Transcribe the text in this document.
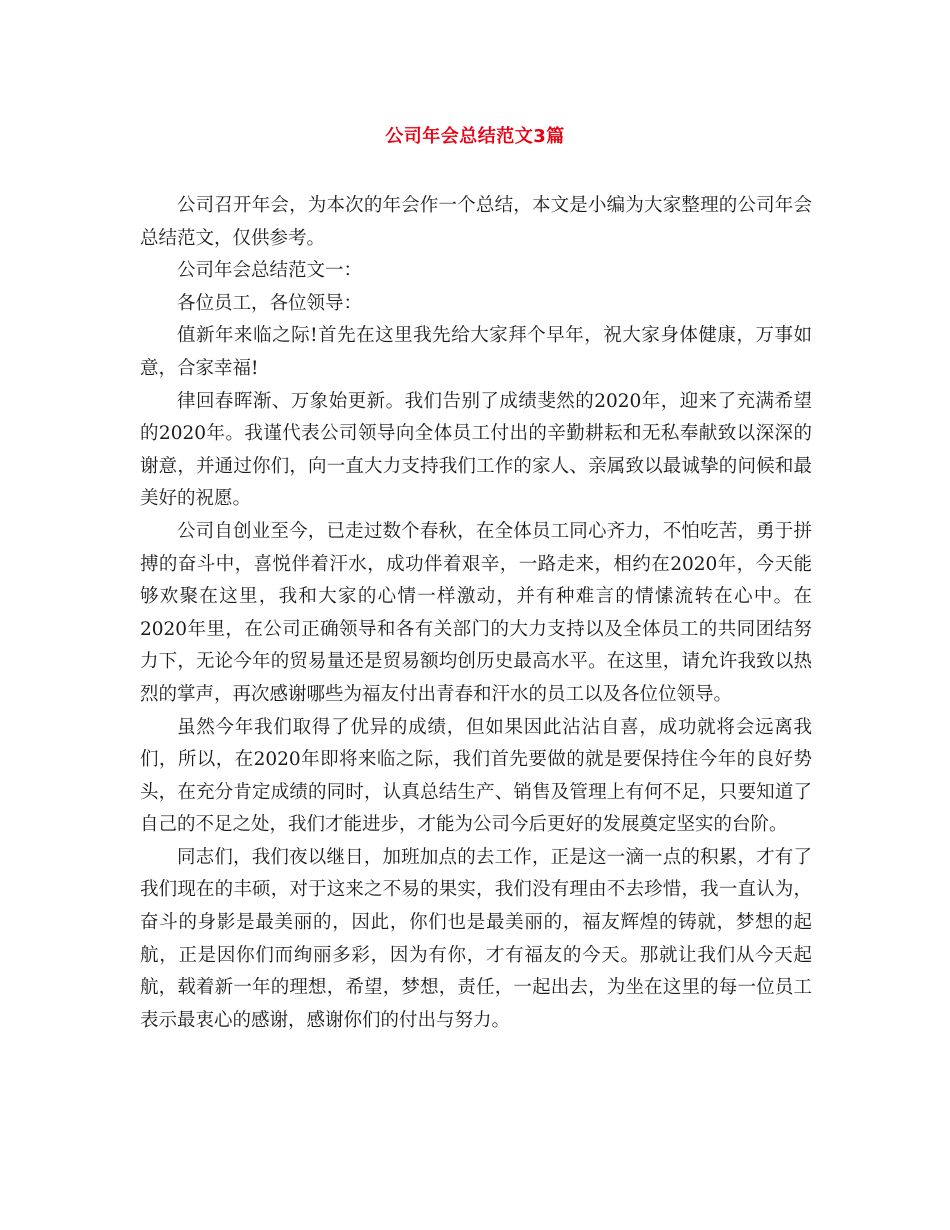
公司年会总结范文3篇

公司召开年会，为本次的年会作一个总结，本文是小编为大家整理的公司年会总结范文，仅供参考。

公司年会总结范文一：

各位员工，各位领导：

值新年来临之际!首先在这里我先给大家拜个早年，祝大家身体健康，万事如意，合家幸福!

律回春晖渐、万象始更新。我们告别了成绩斐然的2020年，迎来了充满希望的2020年。我谨代表公司领导向全体员工付出的辛勤耕耘和无私奉献致以深深的谢意，并通过你们，向一直大力支持我们工作的家人、亲属致以最诚挚的问候和最美好的祝愿。

公司自创业至今，已走过数个春秋，在全体员工同心齐力，不怕吃苦，勇于拼搏的奋斗中，喜悦伴着汗水，成功伴着艰辛，一路走来，相约在2020年，今天能够欢聚在这里，我和大家的心情一样激动，并有种难言的情愫流转在心中。在2020年里，在公司正确领导和各有关部门的大力支持以及全体员工的共同团结努力下，无论今年的贸易量还是贸易额均创历史最高水平。在这里，请允许我致以热烈的掌声，再次感谢哪些为福友付出青春和汗水的员工以及各位位领导。

虽然今年我们取得了优异的成绩，但如果因此沾沾自喜，成功就将会远离我们，所以，在2020年即将来临之际，我们首先要做的就是要保持住今年的良好势头，在充分肯定成绩的同时，认真总结生产、销售及管理上有何不足，只要知道了自己的不足之处，我们才能进步，才能为公司今后更好的发展奠定坚实的台阶。

同志们，我们夜以继日，加班加点的去工作，正是这一滴一点的积累，才有了我们现在的丰硕，对于这来之不易的果实，我们没有理由不去珍惜，我一直认为，奋斗的身影是最美丽的，因此，你们也是最美丽的，福友辉煌的铸就，梦想的起航，正是因你们而绚丽多彩，因为有你，才有福友的今天。那就让我们从今天起航，载着新一年的理想，希望，梦想，责任，一起出去，为坐在这里的每一位员工表示最衷心的感谢，感谢你们的付出与努力。
